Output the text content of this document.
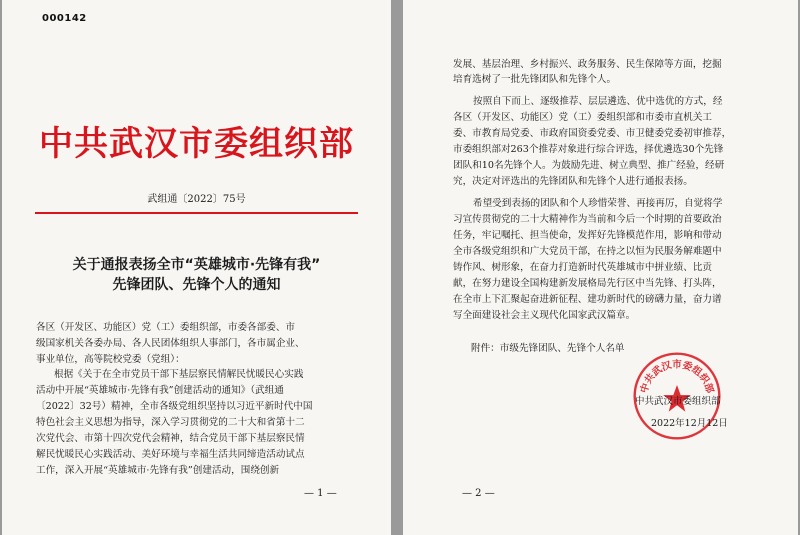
000142
中共武汉市委组织部
武组通〔2022〕75号
关于通报表扬全市“英雄城市·先锋有我”
先锋团队、先锋个人的通知
各区（开发区、功能区）党（工）委组织部，市委各部委、市
级国家机关各委办局、各人民团体组织人事部门，各市属企业、
事业单位，高等院校党委（党组）：
根据《关于在全市党员干部下基层察民情解民忧暖民心实践
活动中开展“英雄城市·先锋有我”创建活动的通知》（武组通
〔2022〕32号）精神，全市各级党组织坚持以习近平新时代中国
特色社会主义思想为指导，深入学习贯彻党的二十大和省第十二
次党代会、市第十四次党代会精神，结合党员干部下基层察民情
解民忧暖民心实践活动、美好环境与幸福生活共同缔造活动试点
工作，深入开展“英雄城市·先锋有我”创建活动，围绕创新
— 1 —
发展、基层治理、乡村振兴、政务服务、民生保障等方面，挖掘
培育选树了一批先锋团队和先锋个人。
按照自下而上、逐级推荐、层层遴选、优中选优的方式，经
各区（开发区、功能区）党（工）委组织部和市委市直机关工
委、市教育局党委、市政府国资委党委、市卫健委党委初审推荐，
市委组织部对263个推荐对象进行综合评选，择优遴选30个先锋
团队和10名先锋个人。为鼓励先进、树立典型、推广经验，经研
究，决定对评选出的先锋团队和先锋个人进行通报表扬。
希望受到表扬的团队和个人珍惜荣誉、再接再厉，自觉将学
习宣传贯彻党的二十大精神作为当前和今后一个时期的首要政治
任务，牢记嘱托、担当使命，发挥好先锋模范作用，影响和带动
全市各级党组织和广大党员干部，在持之以恒为民服务解难题中
铸作风、树形象，在奋力打造新时代英雄城市中拼业绩、比贡
献，在努力建设全国构建新发展格局先行区中当先锋、打头阵，
在全市上下汇聚起奋进新征程、建功新时代的磅礴力量，奋力谱
写全面建设社会主义现代化国家武汉篇章。
附件：市级先锋团队、先锋个人名单
中共武汉市委组织部
中共武汉市委组织部
2022年12月12日
— 2 —
